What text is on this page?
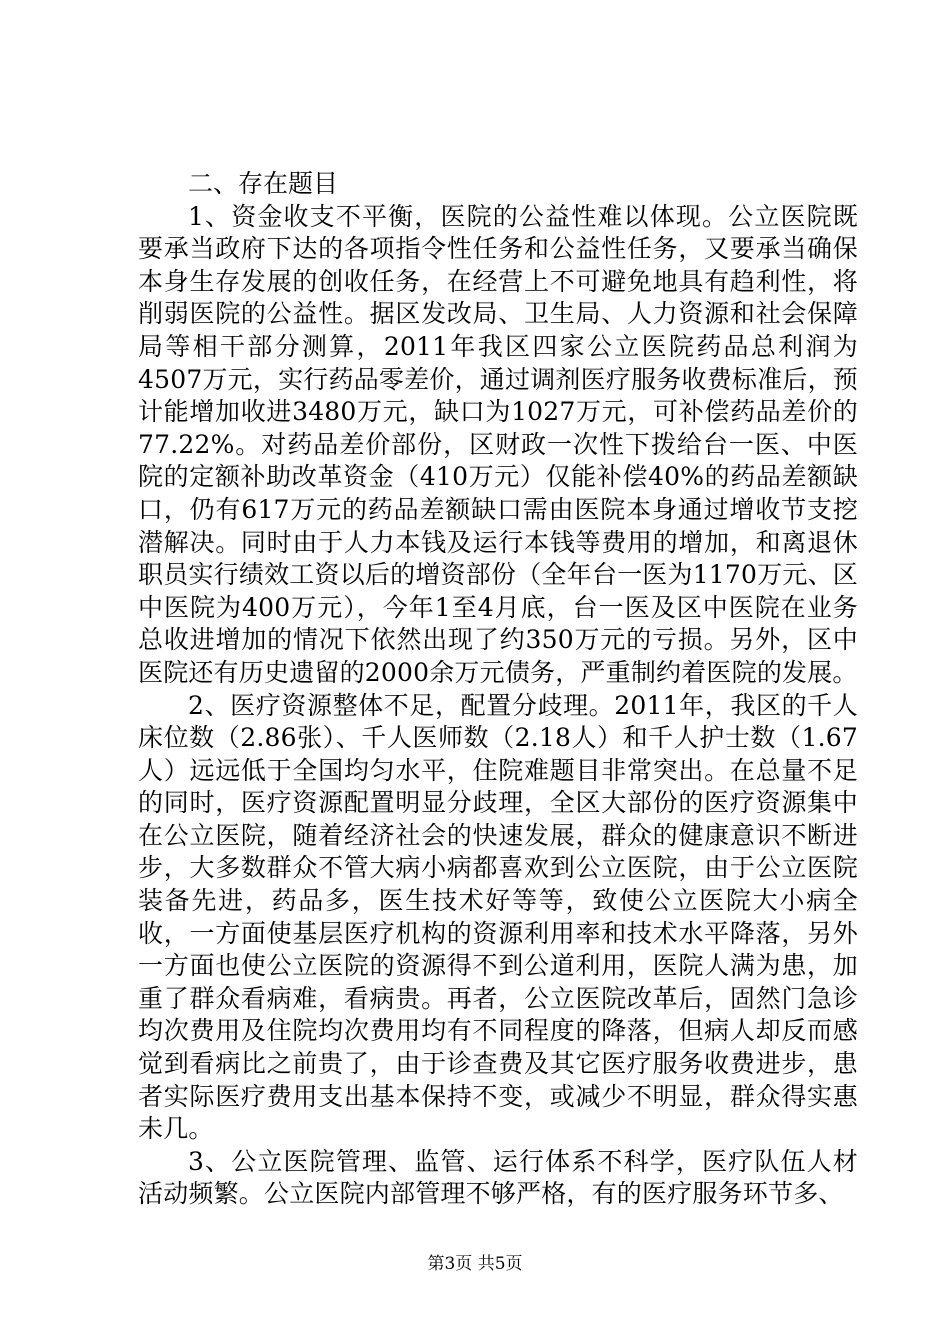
二、存在题目

1、资金收支不平衡，医院的公益性难以体现。公立医院既要承当政府下达的各项指令性任务和公益性任务，又要承当确保本身生存发展的创收任务，在经营上不可避免地具有趋利性，将削弱医院的公益性。据区发改局、卫生局、人力资源和社会保障局等相干部分测算，2011年我区四家公立医院药品总利润为4507万元，实行药品零差价，通过调剂医疗服务收费标准后，预计能增加收进3480万元，缺口为1027万元，可补偿药品差价的77.22%。对药品差价部份，区财政一次性下拨给台一医、中医院的定额补助改革资金（410万元）仅能补偿40%的药品差额缺口，仍有617万元的药品差额缺口需由医院本身通过增收节支挖潜解决。同时由于人力本钱及运行本钱等费用的增加，和离退休职员实行绩效工资以后的增资部份（全年台一医为1170万元、区中医院为400万元），今年1至4月底，台一医及区中医院在业务总收进增加的情况下依然出现了约350万元的亏损。另外，区中医院还有历史遗留的2000余万元债务，严重制约着医院的发展。

2、医疗资源整体不足，配置分歧理。2011年，我区的千人床位数（2.86张）、千人医师数（2.18人）和千人护士数（1.67人）远远低于全国均匀水平，住院难题目非常突出。在总量不足的同时，医疗资源配置明显分歧理，全区大部份的医疗资源集中在公立医院，随着经济社会的快速发展，群众的健康意识不断进步，大多数群众不管大病小病都喜欢到公立医院，由于公立医院装备先进，药品多，医生技术好等等，致使公立医院大小病全收，一方面使基层医疗机构的资源利用率和技术水平降落，另外一方面也使公立医院的资源得不到公道利用，医院人满为患，加重了群众看病难，看病贵。再者，公立医院改革后，固然门急诊均次费用及住院均次费用均有不同程度的降落，但病人却反而感觉到看病比之前贵了，由于诊查费及其它医疗服务收费进步，患者实际医疗费用支出基本保持不变，或减少不明显，群众得实惠未几。

3、公立医院管理、监管、运行体系不科学，医疗队伍人材活动频繁。公立医院内部管理不够严格，有的医疗服务环节多、

第3页 共5页
